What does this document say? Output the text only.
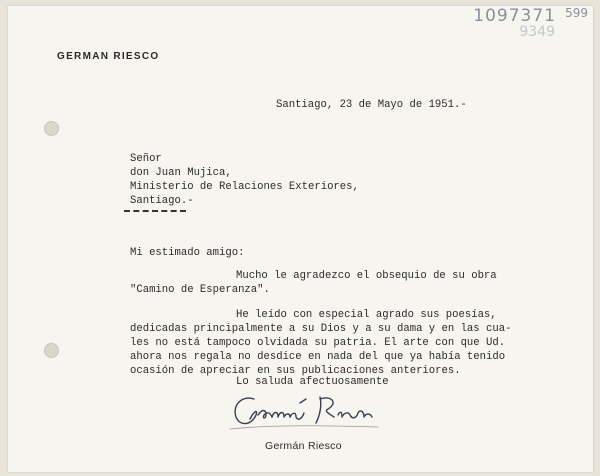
GERMAN RIESCO
1097371
9349
599
Santiago, 23 de Mayo de 1951.-
Señor
don Juan Mujica,
Ministerio de Relaciones Exteriores,
Santiago.-
Mi estimado amigo:
Mucho le agradezco el obsequio de su obra
"Camino de Esperanza".
He leído con especial agrado sus poesías,
dedicadas principalmente a su Dios y a su dama y en las cua-
les no está tampoco olvidada su patria. El arte con que Ud.
ahora nos regala no desdice en nada del que ya había tenido
ocasión de apreciar en sus publicaciones anteriores.
Lo saluda afectuosamente
Germán Riesco
